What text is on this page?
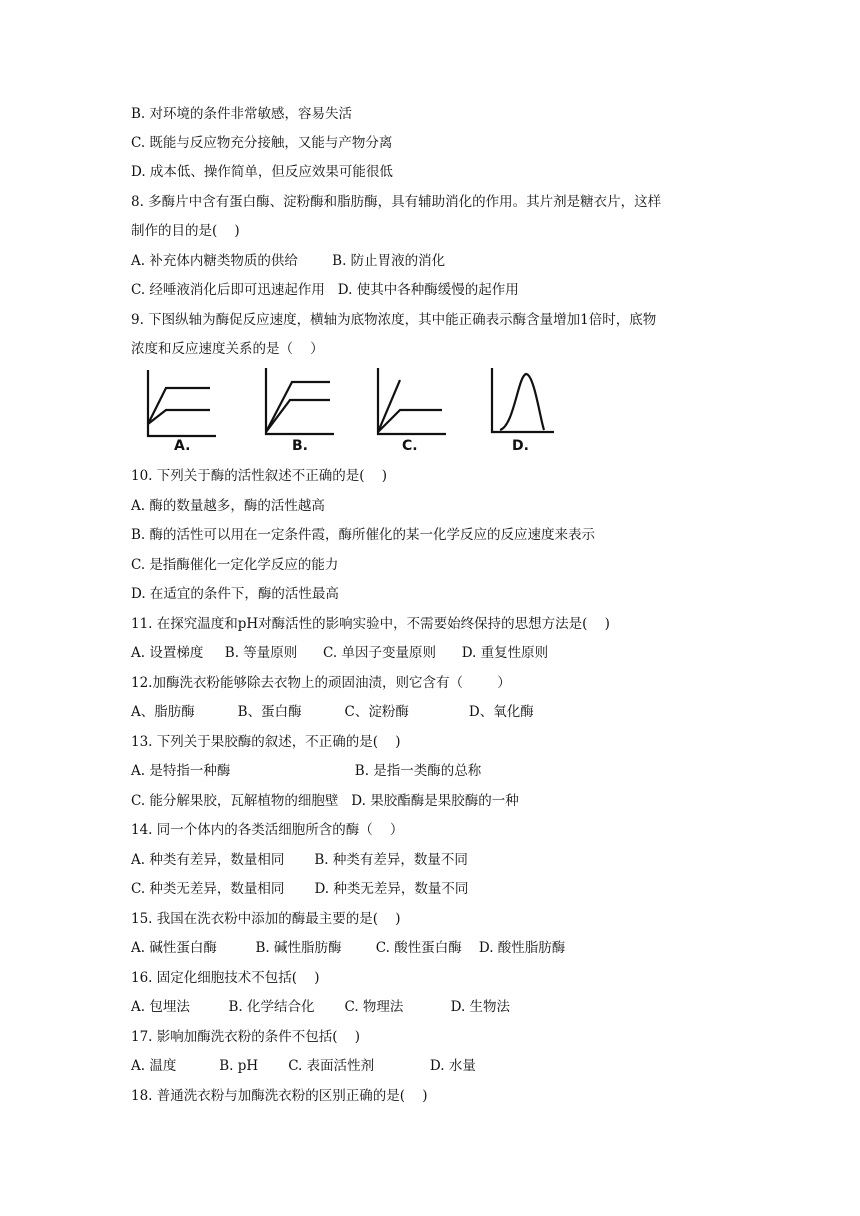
B. 对环境的条件非常敏感，容易失活
C. 既能与反应物充分接触，又能与产物分离
D. 成本低、操作简单，但反应效果可能很低
8. 多酶片中含有蛋白酶、淀粉酶和脂肪酶，具有辅助消化的作用。其片剂是糖衣片，这样
制作的目的是(    )
A. 补充体内糖类物质的供给        B. 防止胃液的消化
C. 经唾液消化后即可迅速起作用   D. 使其中各种酶缓慢的起作用
9. 下图纵轴为酶促反应速度，横轴为底物浓度，其中能正确表示酶含量增加1倍时，底物
浓度和反应速度关系的是（    ）
A.	B.	C.	D.
10. 下列关于酶的活性叙述不正确的是(    )
A. 酶的数量越多，酶的活性越高
B. 酶的活性可以用在一定条件霞，酶所催化的某一化学反应的反应速度来表示
C. 是指酶催化一定化学反应的能力
D. 在适宜的条件下，酶的活性最高
11. 在探究温度和pH对酶活性的影响实验中，不需要始终保持的思想方法是(    )
A. 设置梯度     B. 等量原则      C. 单因子变量原则      D. 重复性原则
12.加酶洗衣粉能够除去衣物上的顽固油渍，则它含有（        ）
A、脂肪酶          B、蛋白酶          C、淀粉酶              D、氧化酶
13. 下列关于果胶酶的叙述，不正确的是(    )
A. 是特指一种酶                             B. 是指一类酶的总称
C. 能分解果胶，瓦解植物的细胞壁   D. 果胶酯酶是果胶酶的一种
14. 同一个体内的各类活细胞所含的酶（    ）
A. 种类有差异，数量相同       B. 种类有差异，数量不同
C. 种类无差异，数量相同       D. 种类无差异，数量不同
15. 我国在洗衣粉中添加的酶最主要的是(    )
A. 碱性蛋白酶         B. 碱性脂肪酶        C. 酸性蛋白酶    D. 酸性脂肪酶
16. 固定化细胞技术不包括(    )
A. 包埋法         B. 化学结合化       C. 物理法           D. 生物法
17. 影响加酶洗衣粉的条件不包括(    )
A. 温度          B. pH       C. 表面活性剂             D. 水量
18. 普通洗衣粉与加酶洗衣粉的区别正确的是(    )
